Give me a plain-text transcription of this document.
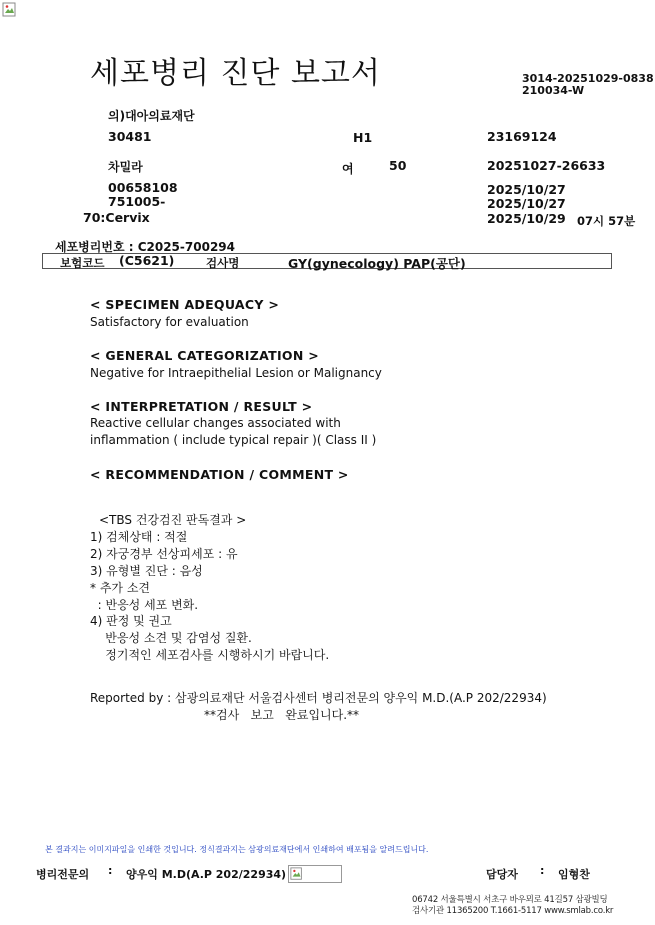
세포병리 진단 보고서	3014-20251029-0838
210034-W
의)대아의료재단
30481	H1	23169124
차밀라	여	50	20251027-26633
00658108	2025/10/27
751005-	2025/10/27
70:Cervix	2025/10/29 07시 57분
세포병리번호 : C2025-700294
보험코드 (C5621)	검사명	GY(gynecology) PAP(공단)
< SPECIMEN ADEQUACY >
Satisfactory for evaluation
< GENERAL CATEGORIZATION >
Negative for Intraepithelial Lesion or Malignancy
< INTERPRETATION / RESULT >
Reactive cellular changes associated with
inflammation ( include typical repair )( Class II )
< RECOMMENDATION / COMMENT >
<TBS 건강검진 판독결과 >
1) 검체상태 : 적절
2) 자궁경부 선상피세포 : 유
3) 유형별 진단 : 음성
* 추가 소견
: 반응성 세포 변화.
4) 판정 및 권고
반응성 소견 및 감염성 질환.
정기적인 세포검사를 시행하시기 바랍니다.
Reported by : 삼광의료재단 서울검사센터 병리전문의 양우익 M.D.(A.P 202/22934)
**검사   보고   완료입니다.**
본 결과지는 이미지파일을 인쇄한 것입니다. 정식결과지는 삼광의료재단에서 인쇄하여 배포됨을 알려드립니다.
병리전문의 : 양우익 M.D(A.P 202/22934)	담당자 : 임형찬
06742 서울특별시 서초구 바우뫼로 41길57 삼광빌딩
검사기관 11365200 T.1661-5117 www.smlab.co.kr
